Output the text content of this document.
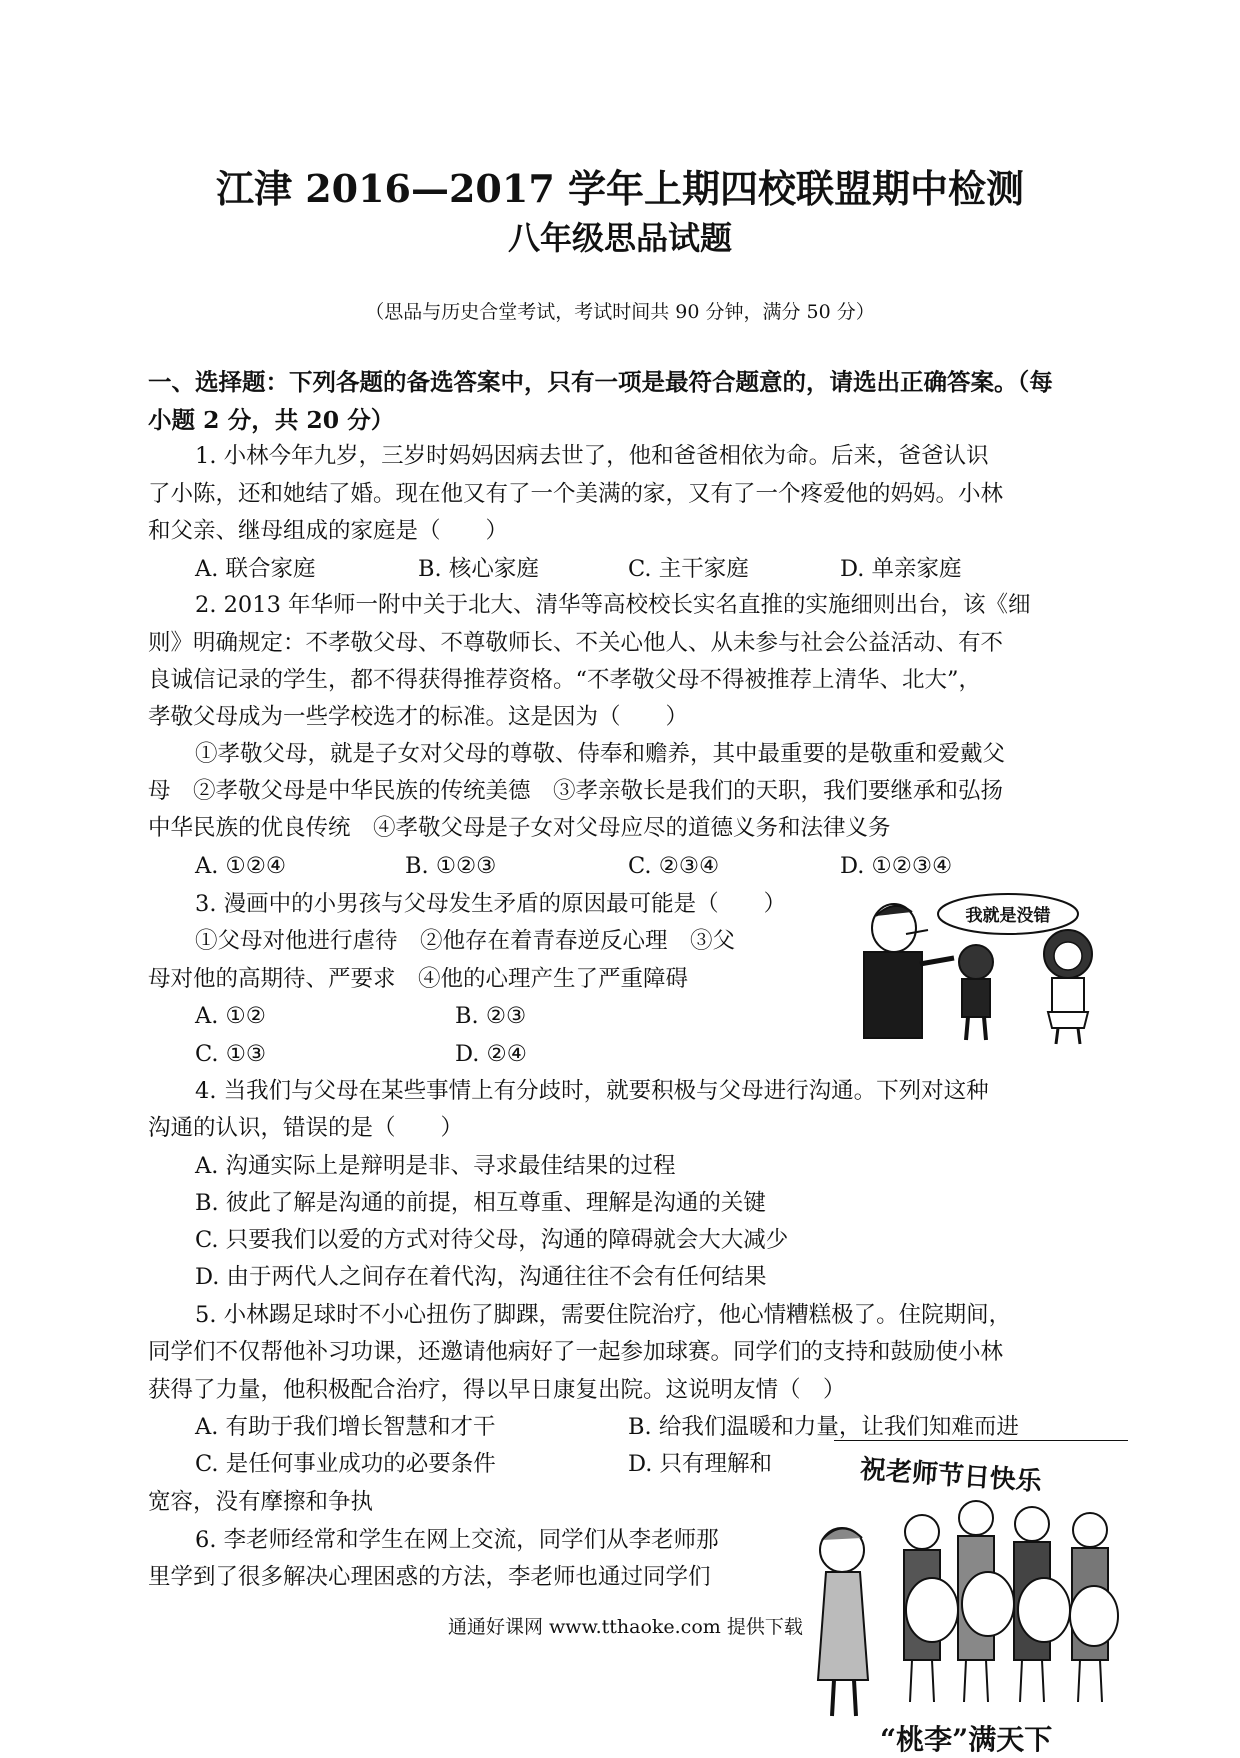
江津 2016—2017 学年上期四校联盟期中检测
八年级思品试题
（思品与历史合堂考试，考试时间共 90 分钟，满分 50 分）
一、选择题：下列各题的备选答案中，只有一项是最符合题意的，请选出正确答案。（每
小题 2 分，共 20 分）
1. 小林今年九岁，三岁时妈妈因病去世了，他和爸爸相依为命。后来，爸爸认识
了小陈，还和她结了婚。现在他又有了一个美满的家，又有了一个疼爱他的妈妈。小林
和父亲、继母组成的家庭是（　　）
A. 联合家庭	B. 核心家庭	C. 主干家庭	D. 单亲家庭
2. 2013 年华师一附中关于北大、清华等高校校长实名直推的实施细则出台，该《细
则》明确规定：不孝敬父母、不尊敬师长、不关心他人、从未参与社会公益活动、有不
良诚信记录的学生，都不得获得推荐资格。“不孝敬父母不得被推荐上清华、北大”，
孝敬父母成为一些学校选才的标准。这是因为（　　）
①孝敬父母，就是子女对父母的尊敬、侍奉和赡养，其中最重要的是敬重和爱戴父
母　②孝敬父母是中华民族的传统美德　③孝亲敬长是我们的天职，我们要继承和弘扬
中华民族的优良传统　④孝敬父母是子女对父母应尽的道德义务和法律义务
A. ①②④	B. ①②③	C. ②③④	D. ①②③④
3. 漫画中的小男孩与父母发生矛盾的原因最可能是（　　）
①父母对他进行虐待　②他存在着青春逆反心理　③父
母对他的高期待、严要求　④他的心理产生了严重障碍
A. ①②	B. ②③
C. ①③	D. ②④
我就是没错
4. 当我们与父母在某些事情上有分歧时，就要积极与父母进行沟通。下列对这种
沟通的认识，错误的是（　　）
A. 沟通实际上是辩明是非、寻求最佳结果的过程
B. 彼此了解是沟通的前提，相互尊重、理解是沟通的关键
C. 只要我们以爱的方式对待父母，沟通的障碍就会大大减少
D. 由于两代人之间存在着代沟，沟通往往不会有任何结果
5. 小林踢足球时不小心扭伤了脚踝，需要住院治疗，他心情糟糕极了。住院期间，
同学们不仅帮他补习功课，还邀请他病好了一起参加球赛。同学们的支持和鼓励使小林
获得了力量，他积极配合治疗，得以早日康复出院。这说明友情（　）
A. 有助于我们增长智慧和才干	B. 给我们温暖和力量，让我们知难而进
C. 是任何事业成功的必要条件	D. 只有理解和
宽容，没有摩擦和争执
6. 李老师经常和学生在网上交流，同学们从李老师那
里学到了很多解决心理困惑的方法，李老师也通过同学们
祝老师节日快乐
“桃李”满天下
通通好课网 www.tthaoke.com 提供下载
